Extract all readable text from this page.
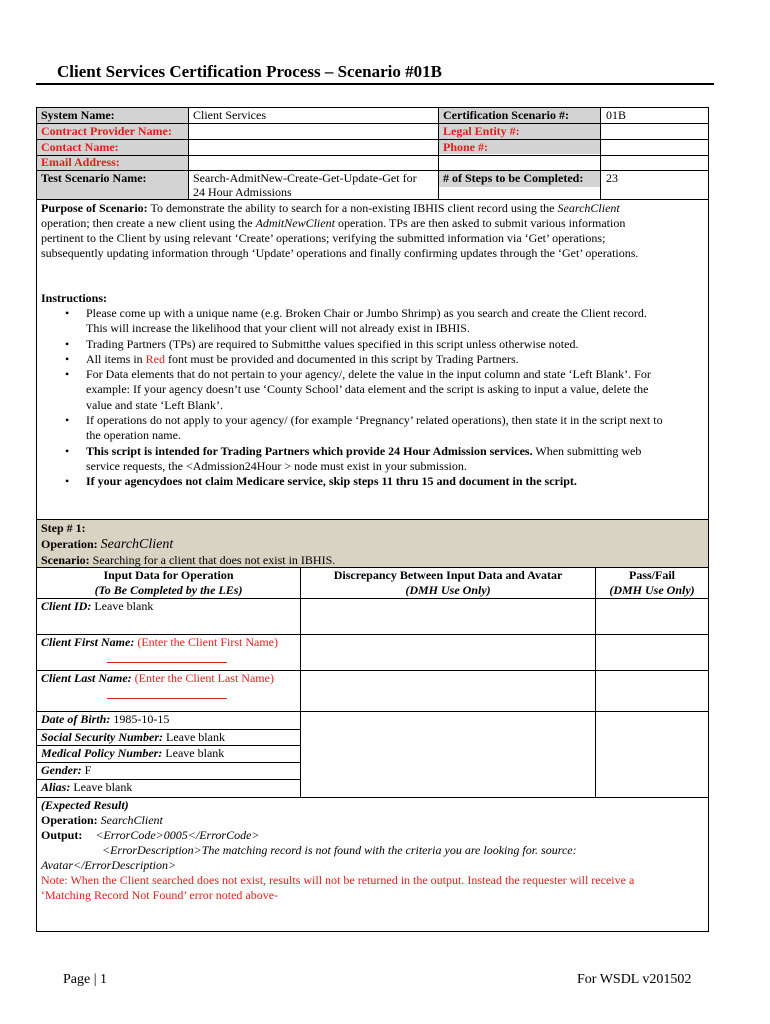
Client Services Certification Process – Scenario #01B
System Name:	Client Services	Certification Scenario #:	01B
Contract Provider Name:	Legal Entity #:
Contact Name:	Phone #:
Email Address:
Test Scenario Name:	Search-AdmitNew-Create-Get-Update-Get for
24 Hour Admissions
# of Steps to be Completed: 23
Purpose of Scenario: To demonstrate the ability to search for a non-existing IBHIS client record using the SearchClient
operation; then create a new client using the AdmitNewClient operation. TPs are then asked to submit various information
pertinent to the Client by using relevant ‘Create’ operations; verifying the submitted information via ‘Get’ operations;
subsequently updating information through ‘Update’ operations and finally confirming updates through the ‘Get’ operations.
Instructions:
• Please come up with a unique name (e.g. Broken Chair or Jumbo Shrimp) as you search and create the Client record.
This will increase the likelihood that your client will not already exist in IBHIS.
• Trading Partners (TPs) are required to Submitthe values specified in this script unless otherwise noted.
• All items in Red font must be provided and documented in this script by Trading Partners.
• For Data elements that do not pertain to your agency/, delete the value in the input column and state ‘Left Blank’. For
example: If your agency doesn’t use ‘County School’ data element and the script is asking to input a value, delete the
value and state ‘Left Blank’.
• If operations do not apply to your agency/ (for example ‘Pregnancy’ related operations), then state it in the script next to
the operation name.
• This script is intended for Trading Partners which provide 24 Hour Admission services. When submitting web
service requests, the <Admission24Hour > node must exist in your submission.
• If your agencydoes not claim Medicare service, skip steps 11 thru 15 and document in the script.
Step # 1:
Operation: SearchClient
Scenario: Searching for a client that does not exist in IBHIS.
Input Data for Operation
(To Be Completed by the LEs)
Discrepancy Between Input Data and Avatar
(DMH Use Only)
Pass/Fail
(DMH Use Only)
Client ID: Leave blank
Client First Name: (Enter the Client First Name)
Client Last Name: (Enter the Client Last Name)
Date of Birth: 1985-10-15
Social Security Number: Leave blank
Medical Policy Number: Leave blank
Gender: F
Alias: Leave blank
(Expected Result)
Operation: SearchClient
Output: <ErrorCode>0005</ErrorCode>
<ErrorDescription>The matching record is not found with the criteria you are looking for. source:
Avatar</ErrorDescription>
Note: When the Client searched does not exist, results will not be returned in the output. Instead the requester will receive a
‘Matching Record Not Found’ error noted above-
Page | 1	For WSDL v201502
